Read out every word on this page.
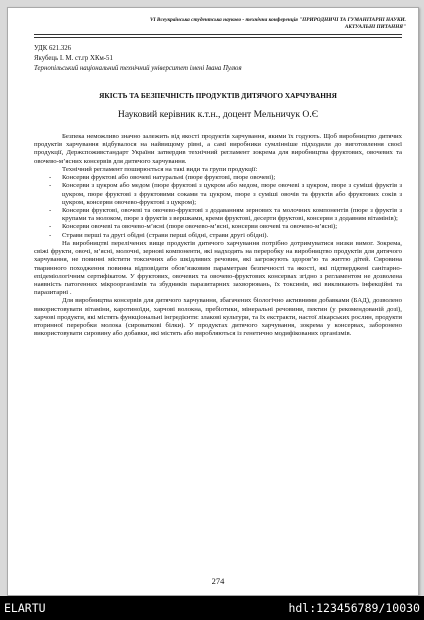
VІ Всеукраїнська студентська науково - технічна конференція "ПРИРОДНИЧІ ТА ГУМАНІТАРНІ НАУКИ.
АКТУАЛЬНІ ПИТАННЯ"
УДК 621.326
Якубець І. М. ст.гр ХКм-51
Тернопільський національний технічний університет імені Івана Пулюя
ЯКІСТЬ ТА БЕЗПЕЧНІСТЬ ПРОДУКТІВ ДИТЯЧОГО ХАРЧУВАННЯ
Науковий керівник к.т.н., доцент Мельничук О.Є

Безпека неможливо значно залежить від якості продуктів харчування, якими їх годують. Щоб виробництво дитячих продуктів харчування відбувалося на найвищому рівні, а самі виробники сумлінніше підходили до виготовлення своєї продукції, Держспоживстандарт України затвердив технічний регламент зокрема для виробництва фруктових, овочевих та овочево-м’ясних консервів для дитячого харчування.

Технічний регламент поширюється на такі види та групи продукції:

- Консерви фруктові або овочеві натуральні (пюре фруктові, пюре овочеві);

- Консерви з цукром або медом (пюре фруктові з цукром або медом, пюре овочеві з цукром, пюре з суміші фруктів з цукром, пюре фруктові з фруктовими соками та цукром, пюре з суміші овочів та фруктів або фруктових соків з цукром, консерви овочево-фруктові з цукром);

- Консерви фруктові, овочеві та овочево-фруктові з додаванням зернових та молочних компонентів (пюре з фруктів з крупами та молоком, пюре з фруктів з вершками, креми фруктові, десерти фруктові, консерви з додавням вітамінів);

- Консерви овочеві та овочево-м’ясні (пюре овочево-м’ясні, консерви овочеві та овочево-м’ясні);

- Страви перші та другі обідні (страви перші обідні, страви другі обідні).

На виробництві перелічених вище продуктів дитячого харчування потрібно дотримуватися низки вимог. Зокрема, свіжі фрукти, овочі, м’ясні, молочні, зернові компоненти, які надходять на переробку на виробництво продуктів для дитячого харчування, не повинні містити токсичних або шкідливих речовин, які загрожують здоров’ю та життю дітей. Сировина тваринного походження повинна відповідати обов’язковим параметрам безпечності та якості, які підтверджені санітарно-епідеміологічним сертифікатом. У фруктових, овочевих та овочево-фруктових консервах згідно з регламентом не дозволена наявність патогенних мікроорганізмів та збудників паразитарних захворювань, їх токсинів, які викликають інфекційні та паразитарні .

Для виробництва консервів для дитячого харчування, збагачених біологічно активними добавками (БАД), дозволено використовувати вітаміни, каротиноїди, харчові волокна, пребіотики, мінеральні речовини, пектин (у рекомендованій дозі), харчові продукти, які містять функціональні інгредієнти: злакові культури, та їх екстракти, настої лікарських рослин, продукти вторинної переробки молока (сироваткові білки). У продуктах дитячого харчування, зокрема у консервах, заборонено використовувати сировину або добавки, які містять або виробляються із генетично модифікованих організмів.

274
ELARTU	hdl:123456789/10030
